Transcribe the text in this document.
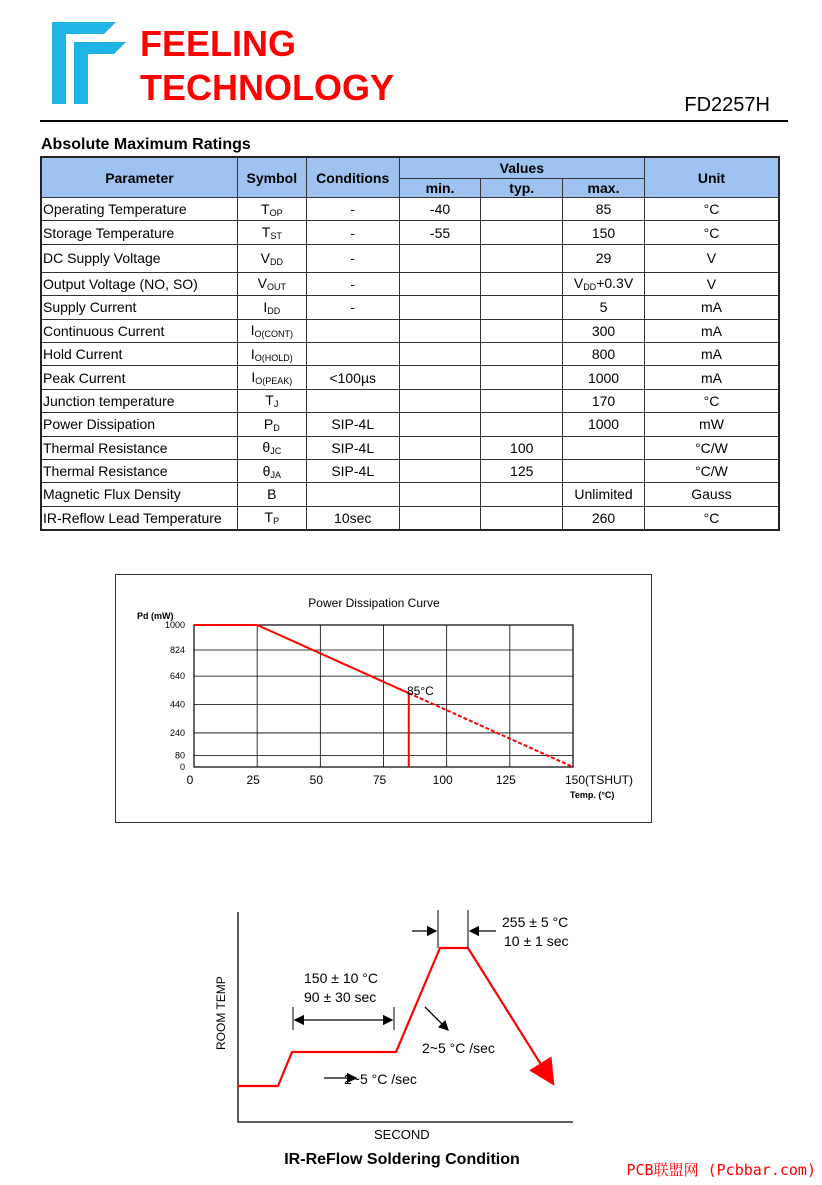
FEELING
TECHNOLOGY	FD2257H
Absolute Maximum Ratings
Parameter	Symbol	Conditions	Values			Unit
			min.	typ.	max.	
Operating Temperature	$T_{OP}$	-	-40		85	°C
Storage Temperature	$T_{ST}$	-	-55		150	°C
DC Supply Voltage	$V_{DD}$	-			29	V
Output Voltage (NO, SO)	$V_{OUT}$	-			$V_{DD}+0.3V$	V
Supply Current	$I_{DD}$	-			5	mA
Continuous Current	$I_{O(CONT)}$				300	mA
Hold Current	$I_{O(HOLD)}$				800	mA
Peak Current	$I_{O(PEAK)}$	<100µs			1000	mA
Junction temperature	$T_J$				170	°C
Power Dissipation	$P_D$	SIP-4L			1000	mW
Thermal Resistance	$\theta_{JC}$	SIP-4L		100		°C/W
Thermal Resistance	$\theta_{JA}$	SIP-4L		125		°C/W
Magnetic Flux Density	B				Unlimited	Gauss
IR-Reflow Lead Temperature	$T_P$	10sec			260	°C
Power Dissipation Curve
Pd (mW)
0
80
240
440
640
824
1000
0	25	50	75	100	125	150(TSHUT)
85°C
Temp. (°C)
255 ± 5 °C
10 ± 1 sec
150 ± 10 °C
90 ± 30 sec
2~5 °C /sec
2~5 °C /sec
ROOM TEMP
SECOND
IR-ReFlow Soldering Condition
PCB联盟网 (Pcbbar.com)
